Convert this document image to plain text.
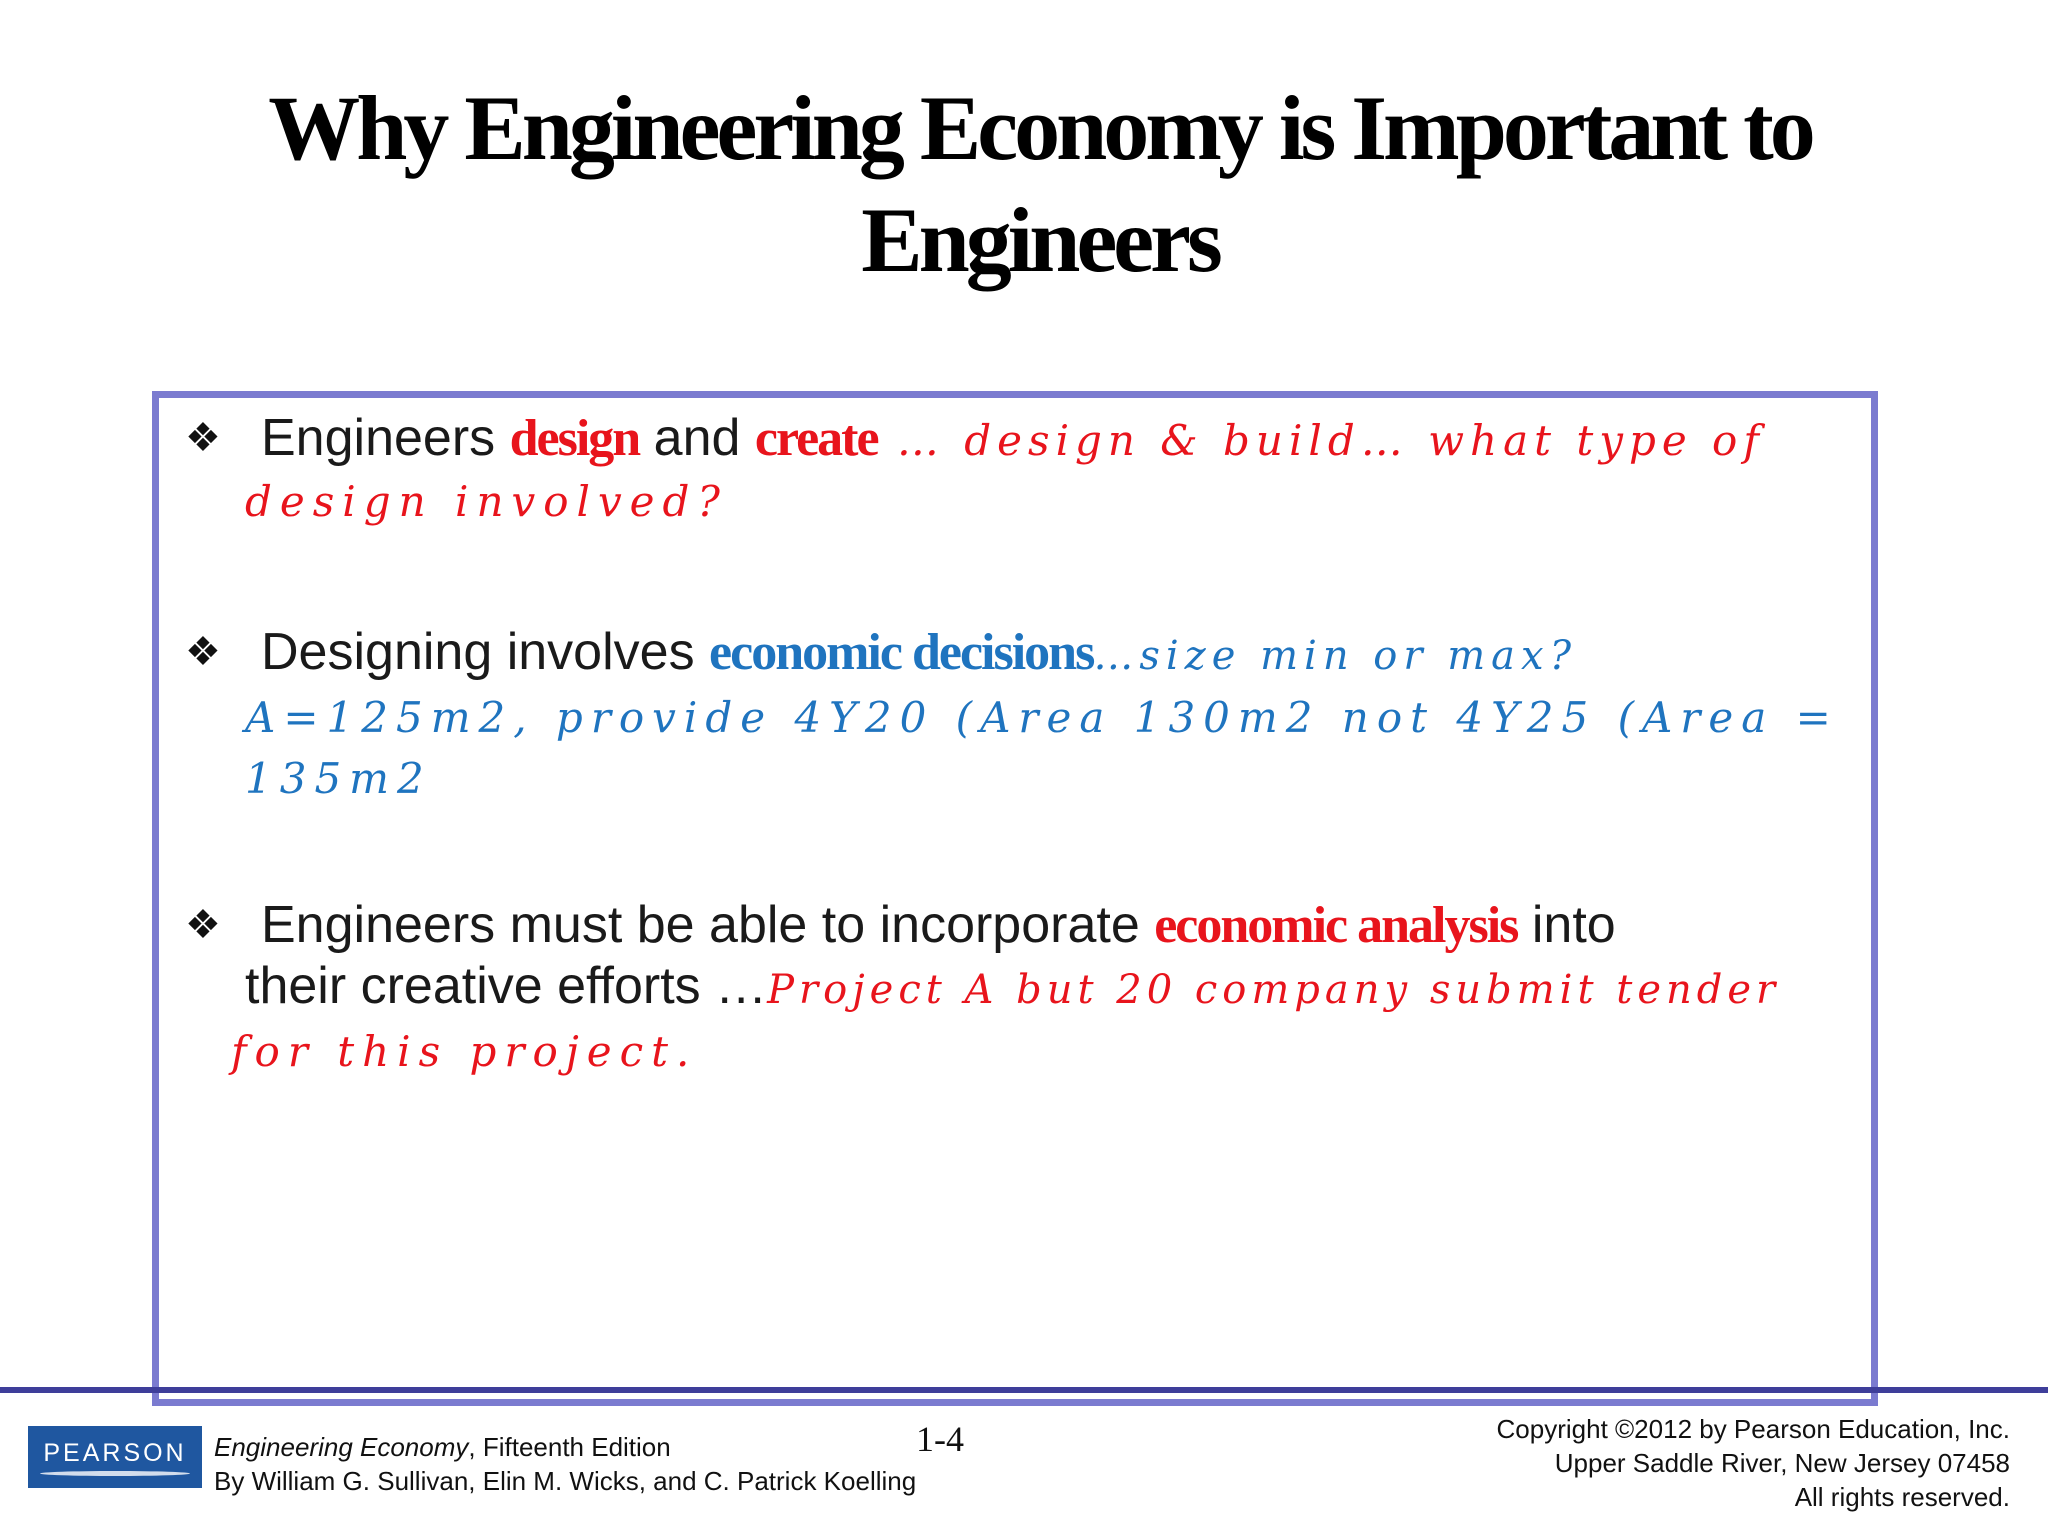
Why Engineering Economy is Important to
Engineers
❖ Engineers design and create … design & build… what type of
design involved?
❖ Designing involves economic decisions…size min or max?
A=125m2, provide 4Y20 (Area 130m2 not 4Y25 (Area =
135m2
❖ Engineers must be able to incorporate economic analysis into
their creative efforts …Project A but 20 company submit tender
for this project.
PEARSON Engineering Economy, Fifteenth Edition
By William G. Sullivan, Elin M. Wicks, and C. Patrick Koelling
1-4	Copyright ©2012 by Pearson Education, Inc.
Upper Saddle River, New Jersey 07458
All rights reserved.
